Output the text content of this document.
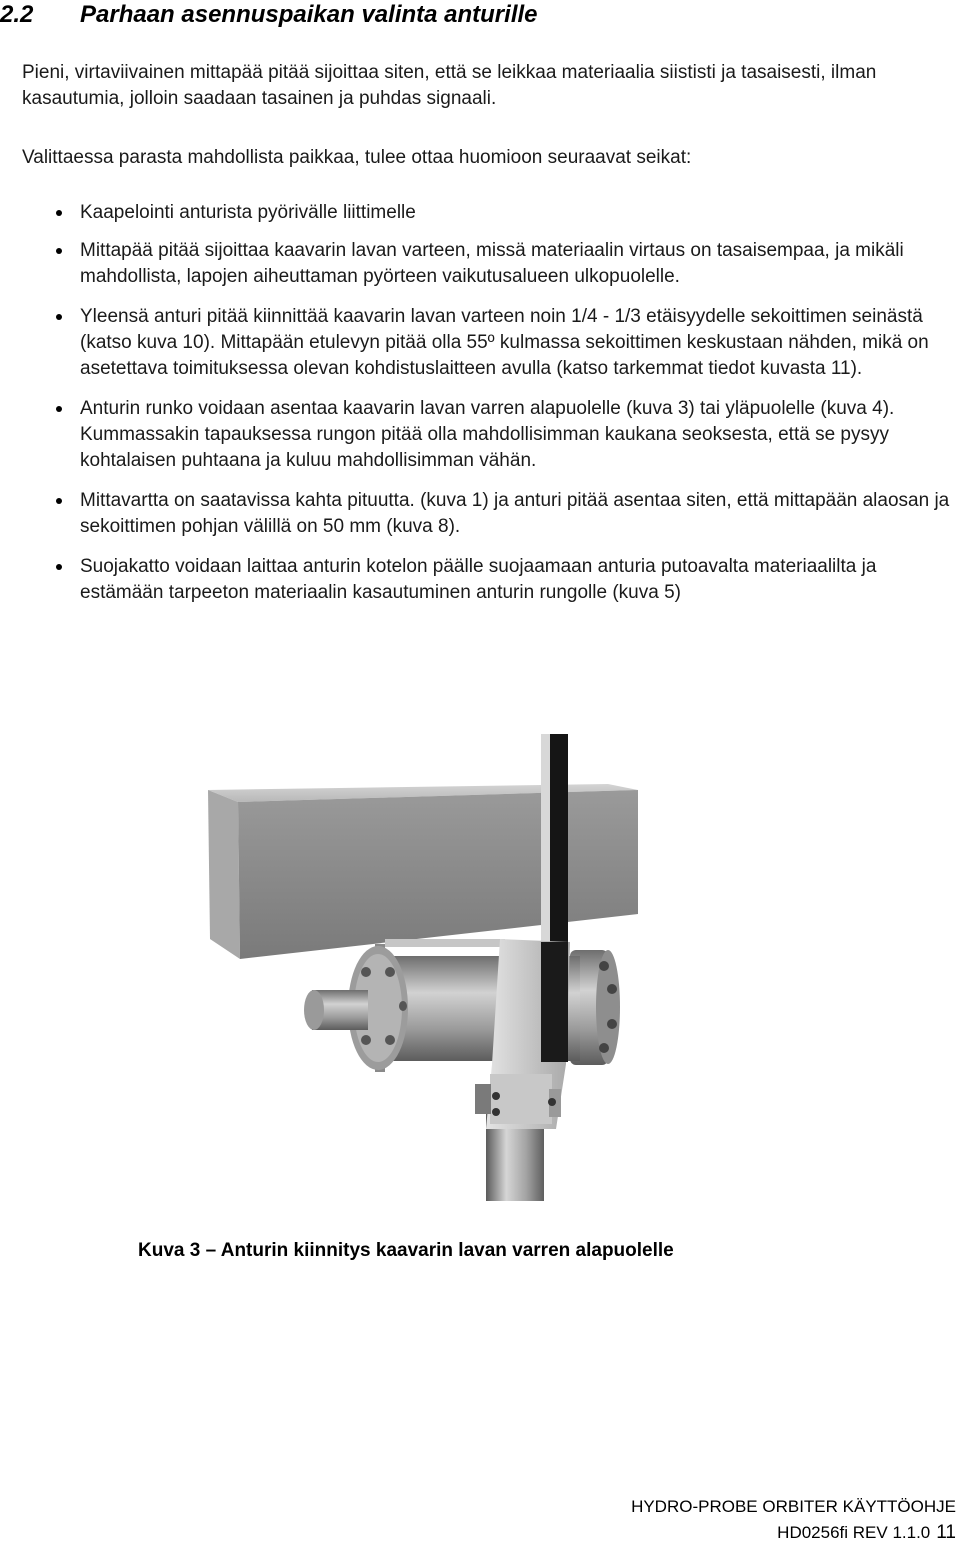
2.2 Parhaan asennuspaikan valinta anturille

Pieni, virtaviivainen mittapää pitää sijoittaa siten, että se leikkaa materiaalia siististi ja tasaisesti, ilman kasautumia, jolloin saadaan tasainen ja puhdas signaali.

Valittaessa parasta mahdollista paikkaa, tulee ottaa huomioon seuraavat seikat:

Kaapelointi anturista pyörivälle liittimelle
Mittapää pitää sijoittaa kaavarin lavan varteen, missä materiaalin virtaus on tasaisempaa, ja mikäli mahdollista, lapojen aiheuttaman pyörteen vaikutusalueen ulkopuolelle.
Yleensä anturi pitää kiinnittää kaavarin lavan varteen noin 1/4 - 1/3 etäisyydelle sekoittimen seinästä (katso kuva 10). Mittapään etulevyn pitää olla 55º kulmassa sekoittimen keskustaan nähden, mikä on asetettava toimituksessa olevan kohdistuslaitteen avulla (katso tarkemmat tiedot kuvasta 11).
Anturin runko voidaan asentaa kaavarin lavan varren alapuolelle (kuva 3) tai yläpuolelle (kuva 4). Kummassakin tapauksessa rungon pitää olla mahdollisimman kaukana seoksesta, että se pysyy kohtalaisen puhtaana ja kuluu mahdollisimman vähän.
Mittavartta on saatavissa kahta pituutta. (kuva 1) ja anturi pitää asentaa siten, että mittapään alaosan ja sekoittimen pohjan välillä on 50 mm (kuva 8).
Suojakatto voidaan laittaa anturin kotelon päälle suojaamaan anturia putoavalta materiaalilta ja estämään tarpeeton materiaalin kasautuminen anturin rungolle (kuva 5)

Kuva 3 – Anturin kiinnitys kaavarin lavan varren alapuolelle

HYDRO-PROBE ORBITER KÄYTTÖOHJE

HD0256fi REV 1.1.0 11
